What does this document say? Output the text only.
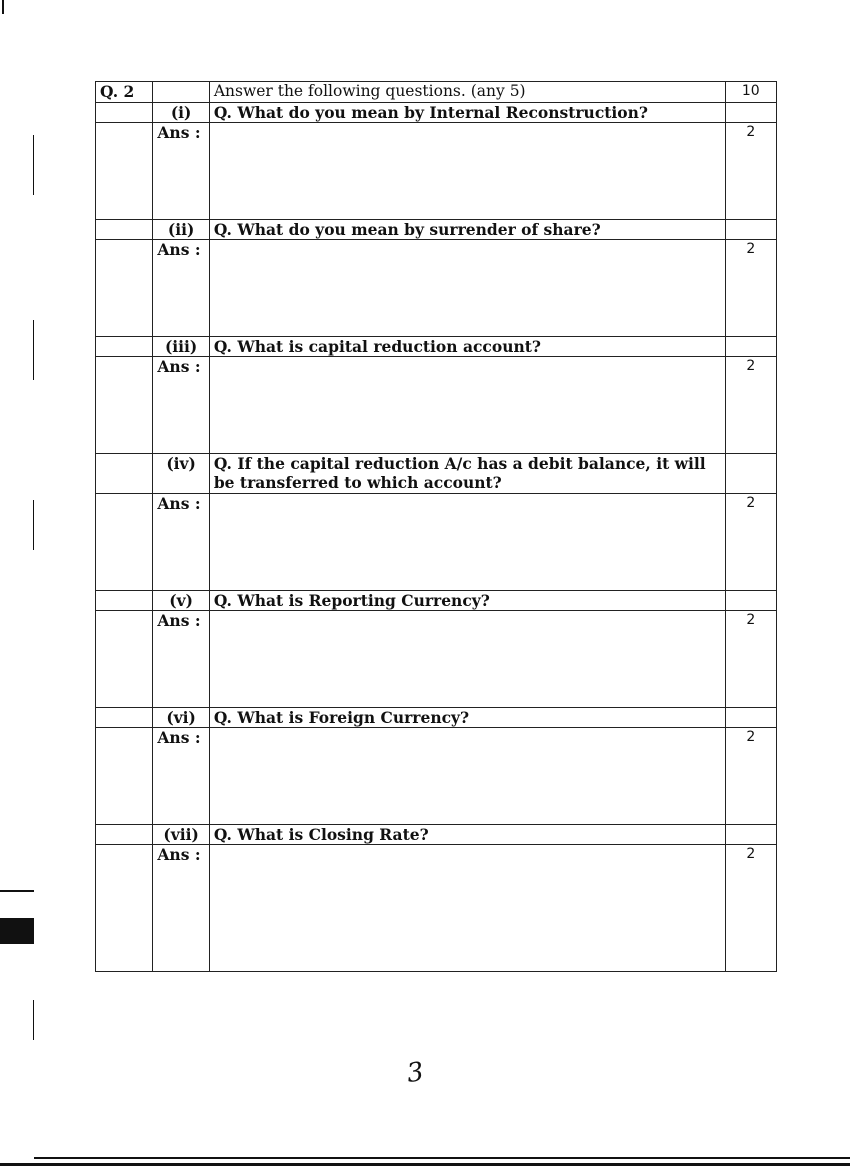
Q. 2		Answer the following questions. (any 5)	10
	(i)	Q. What do you mean by Internal Reconstruction?	
	Ans :		2
	(ii)	Q. What do you mean by surrender of share?	
	Ans :		2
	(iii)	Q. What is capital reduction account?	
	Ans :		2
	(iv)	Q. If the capital reduction A/c has a debit balance, it will be transferred to which account?	
	Ans :		2
	(v)	Q. What is Reporting Currency?	
	Ans :		2
	(vi)	Q. What is Foreign Currency?	
	Ans :		2
	(vii)	Q. What is Closing Rate?	
	Ans :		2
3
